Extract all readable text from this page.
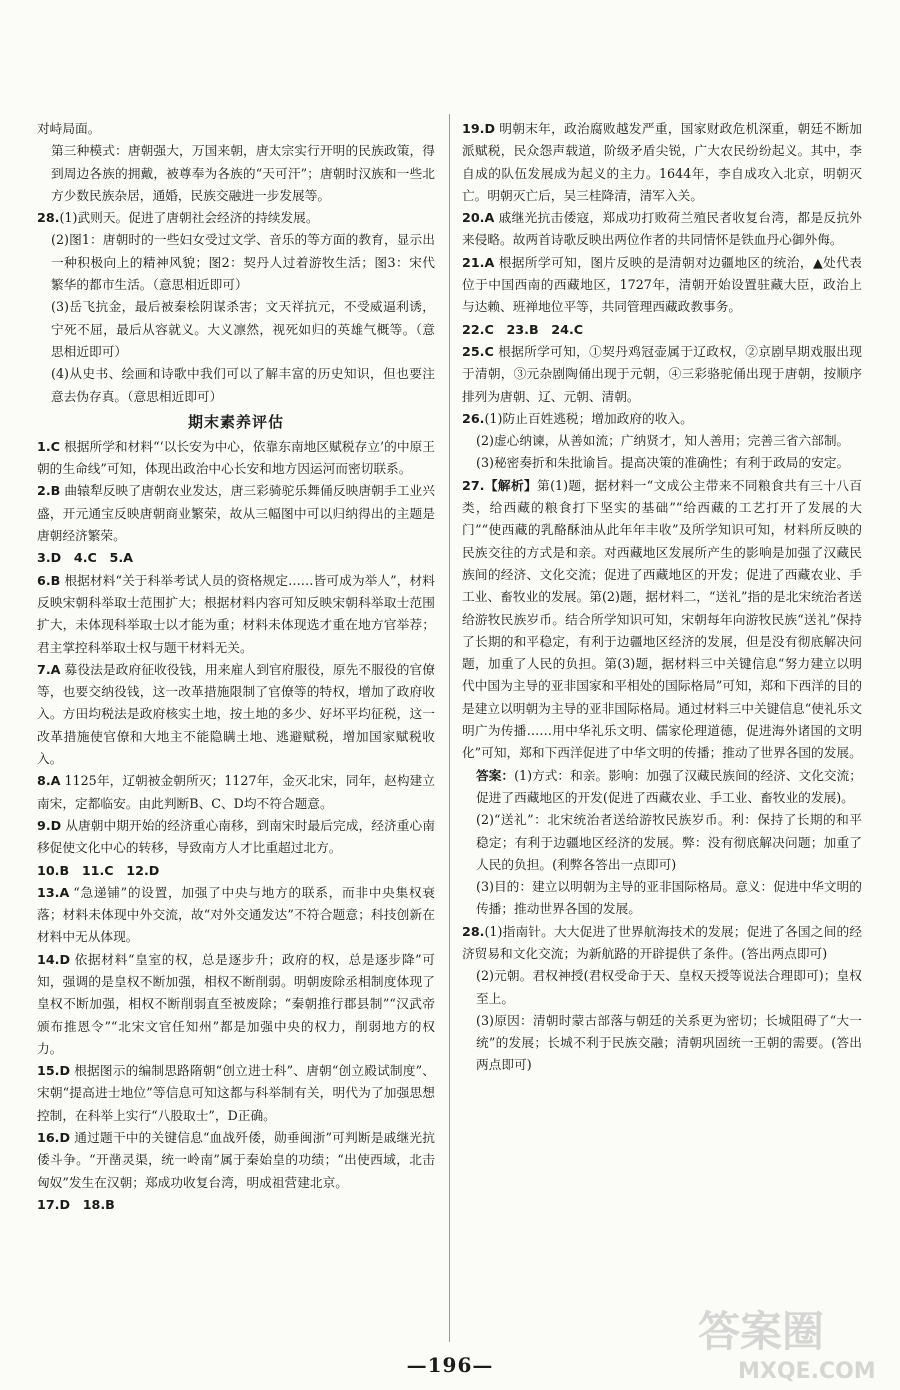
对峙局面。

第三种模式：唐朝强大，万国来朝，唐太宗实行开明的民族政策，得到周边各族的拥戴，被尊奉为各族的“天可汗”；唐朝时汉族和一些北方少数民族杂居，通婚，民族交融进一步发展等。

28.(1)武则天。促进了唐朝社会经济的持续发展。

(2)图1：唐朝时的一些妇女受过文学、音乐的等方面的教育，显示出一种积极向上的精神风貌；图2：契丹人过着游牧生活；图3：宋代繁华的都市生活。（意思相近即可）

(3)岳飞抗金，最后被秦桧阴谋杀害；文天祥抗元，不受威逼利诱，宁死不屈，最后从容就义。大义凛然，视死如归的英雄气概等。（意思相近即可）

(4)从史书、绘画和诗歌中我们可以了解丰富的历史知识，但也要注意去伪存真。（意思相近即可）

期末素养评估

1.C 根据所学和材料“‘以长安为中心，依靠东南地区赋税存立’的中原王朝的生命线”可知，体现出政治中心长安和地方因运河而密切联系。

2.B 曲辕犁反映了唐朝农业发达，唐三彩骑驼乐舞俑反映唐朝手工业兴盛，开元通宝反映唐朝商业繁荣，故从三幅图中可以归纳得出的主题是唐朝经济繁荣。

3.D　4.C　5.A

6.B 根据材料“关于科举考试人员的资格规定……皆可成为举人”，材料反映宋朝科举取士范围扩大；根据材料内容可知反映宋朝科举取士范围扩大，未体现科举取士以才能为重；材料未体现选才重在地方官举荐；君主掌控科举取士权与题干材料无关。

7.A 募役法是政府征收役钱，用来雇人到官府服役，原先不服役的官僚等，也要交纳役钱，这一改革措施限制了官僚等的特权，增加了政府收入。方田均税法是政府核实土地，按土地的多少、好坏平均征税，这一改革措施使官僚和大地主不能隐瞒土地、逃避赋税，增加国家赋税收入。

8.A 1125年，辽朝被金朝所灭；1127年，金灭北宋，同年，赵构建立南宋，定都临安。由此判断B、C、D均不符合题意。

9.D 从唐朝中期开始的经济重心南移，到南宋时最后完成，经济重心南移促使文化中心的转移，导致南方人才比重超过北方。

10.B　11.C　12.D

13.A “急递铺”的设置，加强了中央与地方的联系，而非中央集权衰落；材料未体现中外交流，故“对外交通发达”不符合题意；科技创新在材料中无从体现。

14.D 依据材料“皇室的权，总是逐步升；政府的权，总是逐步降”可知，强调的是皇权不断加强，相权不断削弱。明朝废除丞相制度体现了皇权不断加强，相权不断削弱直至被废除；“秦朝推行郡县制”“汉武帝颁布推恩令”“北宋文官任知州”都是加强中央的权力，削弱地方的权力。

15.D 根据图示的编制思路隋朝“创立进士科”、唐朝“创立殿试制度”、宋朝“提高进士地位”等信息可知这都与科举制有关，明代为了加强思想控制，在科举上实行“八股取士”，D正确。

16.D 通过题干中的关键信息“血战歼倭，勋垂闽浙”可判断是戚继光抗倭斗争。“开凿灵渠，统一岭南”属于秦始皇的功绩；“出使西域，北击匈奴”发生在汉朝；郑成功收复台湾，明成祖营建北京。

17.D　18.B

19.D 明朝末年，政治腐败越发严重，国家财政危机深重，朝廷不断加派赋税，民众怨声载道，阶级矛盾尖锐，广大农民纷纷起义。其中，李自成的队伍发展成为起义的主力。1644年，李自成攻入北京，明朝灭亡。明朝灭亡后，吴三桂降清，清军入关。

20.A 戚继光抗击倭寇，郑成功打败荷兰殖民者收复台湾，都是反抗外来侵略。故两首诗歌反映出两位作者的共同情怀是铁血丹心御外侮。

21.A 根据所学可知，图片反映的是清朝对边疆地区的统治，▲处代表位于中国西南的西藏地区，1727年，清朝开始设置驻藏大臣，政治上与达赖、班禅地位平等，共同管理西藏政教事务。

22.C　23.B　24.C

25.C 根据所学可知，①契丹鸡冠壶属于辽政权，②京剧早期戏服出现于清朝，③元杂剧陶俑出现于元朝，④三彩骆驼俑出现于唐朝，按顺序排列为唐朝、辽、元朝、清朝。

26.(1)防止百姓逃税；增加政府的收入。

(2)虚心纳谏，从善如流；广纳贤才，知人善用；完善三省六部制。

(3)秘密奏折和朱批谕旨。提高决策的准确性；有利于政局的安定。

27.【解析】第(1)题，据材料一“文成公主带来不同粮食共有三十八百类，给西藏的粮食打下坚实的基础”“给西藏的工艺打开了发展的大门”“使西藏的乳酪酥油从此年年丰收”及所学知识可知，材料所反映的民族交往的方式是和亲。对西藏地区发展所产生的影响是加强了汉藏民族间的经济、文化交流；促进了西藏地区的开发；促进了西藏农业、手工业、畜牧业的发展。第(2)题，据材料二，“送礼”指的是北宋统治者送给游牧民族岁币。结合所学知识可知，宋朝每年向游牧民族“送礼”保持了长期的和平稳定，有利于边疆地区经济的发展，但是没有彻底解决问题，加重了人民的负担。第(3)题，据材料三中关键信息“努力建立以明代中国为主导的亚非国家和平相处的国际格局”可知，郑和下西洋的目的是建立以明朝为主导的亚非国际格局。通过材料三中关键信息“使礼乐文明广为传播……用中华礼乐文明、儒家伦理道德，促进海外诸国的文明化”可知，郑和下西洋促进了中华文明的传播；推动了世界各国的发展。

答案：(1)方式：和亲。影响：加强了汉藏民族间的经济、文化交流；促进了西藏地区的开发(促进了西藏农业、手工业、畜牧业的发展)。

(2)“送礼”：北宋统治者送给游牧民族岁币。利：保持了长期的和平稳定；有利于边疆地区经济的发展。弊：没有彻底解决问题；加重了人民的负担。(利弊各答出一点即可)

(3)目的：建立以明朝为主导的亚非国际格局。意义：促进中华文明的传播；推动世界各国的发展。

28.(1)指南针。大大促进了世界航海技术的发展；促进了各国之间的经济贸易和文化交流；为新航路的开辟提供了条件。(答出两点即可)

(2)元朝。君权神授(君权受命于天、皇权天授等说法合理即可)；皇权至上。

(3)原因：清朝时蒙古部落与朝廷的关系更为密切；长城阻碍了“大一统”的发展；长城不利于民族交融；清朝巩固统一王朝的需要。(答出两点即可)

—196—
答案圈
MXQE.COM
